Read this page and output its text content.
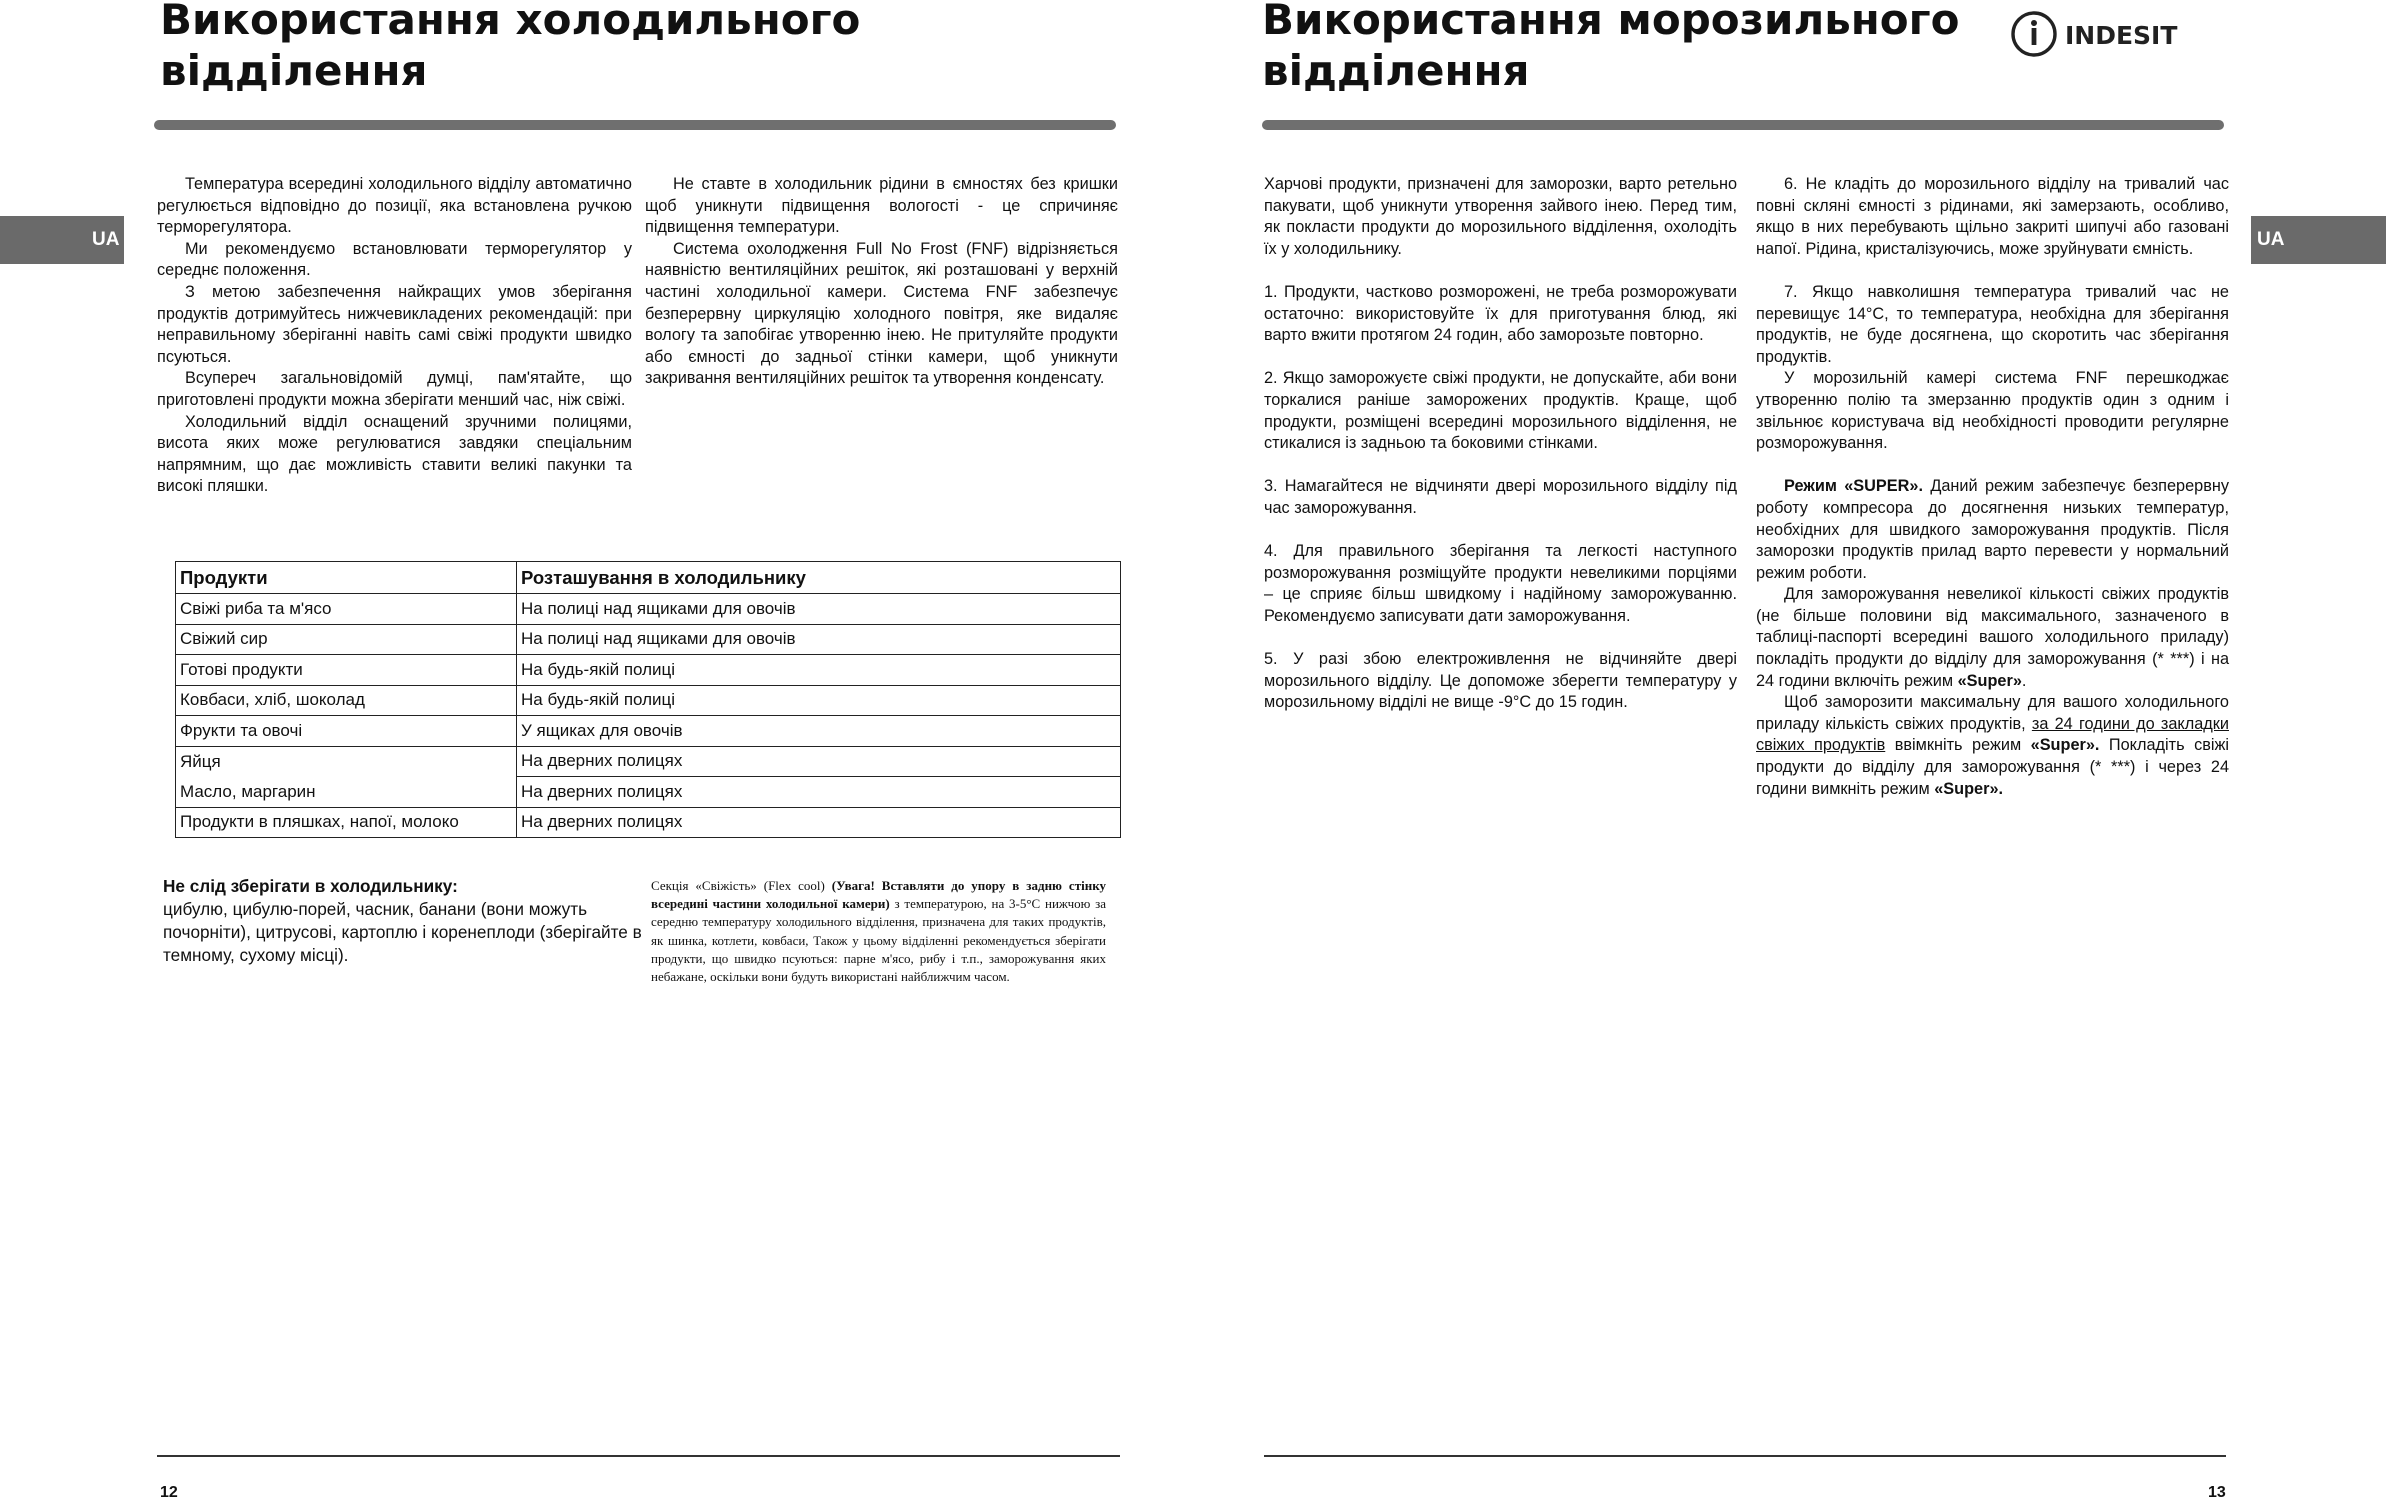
Використання холодильного
відділення
UA

Температура всередині холодильного відділу автоматично регулюється відповідно до позиції, яка встановлена ручкою терморегулятора.

Ми рекомендуємо встановлювати терморегулятор у середнє положення.

З метою забезпечення найкращих умов зберігання продуктів дотримуйтесь нижчевикладених рекомендацій: при неправильному зберіганні навіть самі свіжі продукти швидко псуються.

Всупереч загальновідомій думці, пам'ятайте, що приготовлені продукти можна зберігати менший час, ніж свіжі.

Холодильний відділ оснащений зручними полицями, висота яких може регулюватися завдяки спеціальним напрямним, що дає можливість ставити великі пакунки та високі пляшки.

Не ставте в холодильник рідини в ємностях без кришки щоб уникнути підвищення вологості - це спричиняє підвищення температури.

Система охолодження Full No Frost (FNF) відрізняється наявністю вентиляційних решіток, які розташовані у верхній частині холодильної камери. Система FNF забезпечує безперервну циркуляцію холодного повітря, яке видаляє вологу та запобігає утворенню інею. Не притуляйте продукти або ємності до задньої стінки камери, щоб уникнути закривання вентиляційних решіток та утворення конденсату.

Продукти	Розташування в холодильнику
Свіжі риба та м'ясо	На полиці над ящиками для овочів
Свіжий сир	На полиці над ящиками для овочів
Готові продукти	На будь-якій полиці
Ковбаси, хліб, шоколад	На будь-якій полиці
Фрукти та овочі	У ящиках для овочів
Яйця	На дверних полицях
Масло, маргарин	На дверних полицях
Продукти в пляшках, напої, молоко	На дверних полицях
Не слід зберігати в холодильнику:
цибулю, цибулю-порей, часник, банани (вони можуть почорніти), цитрусові, картоплю і коренеплоди (зберігайте в темному, сухому місці).
Секція «Свіжість» (Flex cool) (Увага! Вставляти до упору в задню стінку всередині частини холодильної камери) з температурою, на 3-5°С нижчою за середню температуру холодильного відділення, призначена для таких продуктів, як шинка, котлети, ковбаси, Також у цьому відділенні рекомендується зберігати продукти, що швидко псуються: парне м'ясо, рибу і т.п., заморожування яких небажане, оскільки вони будуть використані найближчим часом.
12
Використання морозильного
відділення
INDESIT
UA

Харчові продукти, призначені для заморозки, варто ретельно пакувати, щоб уникнути утворення зайвого інею. Перед тим, як покласти продукти до морозильного відділення, охолодіть їх у холодильнику.

1. Продукти, частково розморожені, не треба розморожувати остаточно: використовуйте їх для приготування блюд, які варто вжити протягом 24 годин, або заморозьте повторно.

2. Якщо заморожуєте свіжі продукти, не допускайте, аби вони торкалися раніше заморожених продуктів. Краще, щоб продукти, розміщені всередині морозильного відділення, не стикалися із задньою та боковими стінками.

3. Намагайтеся не відчиняти двері морозильного відділу під час заморожування.

4. Для правильного зберігання та легкості наступного розморожування розміщуйте продукти невеликими порціями – це сприяє більш швидкому і надійному заморожуванню. Рекомендуємо записувати дати заморожування.

5. У разі збою електроживлення не відчиняйте двері морозильного відділу. Це допоможе зберегти температуру у морозильному відділі не вище -9°С до 15 годин.

6. Не кладіть до морозильного відділу на тривалий час повні скляні ємності з рідинами, які замерзають, особливо, якщо в них перебувають щільно закриті шипучі або газовані напої. Рідина, кристалізуючись, може зруйнувати ємність.

7. Якщо навколишня температура тривалий час не перевищує 14°С, то температура, необхідна для зберігання продуктів, не буде досягнена, що скоротить час зберігання продуктів.

У морозильній камері система FNF перешкоджає утворенню полію та змерзанню продуктів один з одним і звільнює користувача від необхідності проводити регулярне розморожування.

Режим «SUPER». Даний режим забезпечує безперервну роботу компресора до досягнення низьких температур, необхідних для швидкого заморожування продуктів. Після заморозки продуктів прилад варто перевести у нормальний режим роботи.

Для заморожування невеликої кількості свіжих продуктів (не більше половини від максимального, зазначеного в таблиці-паспорті всередині вашого холодильного приладу) покладіть продукти до відділу для заморожування (* ***) і на 24 години включіть режим «Super».

Щоб заморозити максимальну для вашого холодильного приладу кількість свіжих продуктів, за 24 години до закладки свіжих продуктів ввімкніть режим «Super». Покладіть свіжі продукти до відділу для заморожування (* ***) і через 24 години вимкніть режим «Super».

13
